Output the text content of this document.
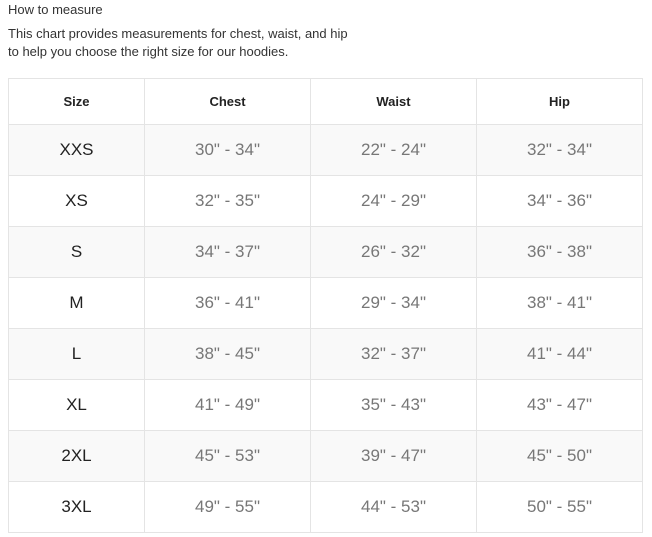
How to measure
This chart provides measurements for chest, waist, and hip
to help you choose the right size for our hoodies.
Size	Chest	Waist	Hip
XXS	30" - 34"	22" - 24"	32" - 34"
XS	32" - 35"	24" - 29"	34" - 36"
S	34" - 37"	26" - 32"	36" - 38"
M	36" - 41"	29" - 34"	38" - 41"
L	38" - 45"	32" - 37"	41" - 44"
XL	41" - 49"	35" - 43"	43" - 47"
2XL	45" - 53"	39" - 47"	45" - 50"
3XL	49" - 55"	44" - 53"	50" - 55"
